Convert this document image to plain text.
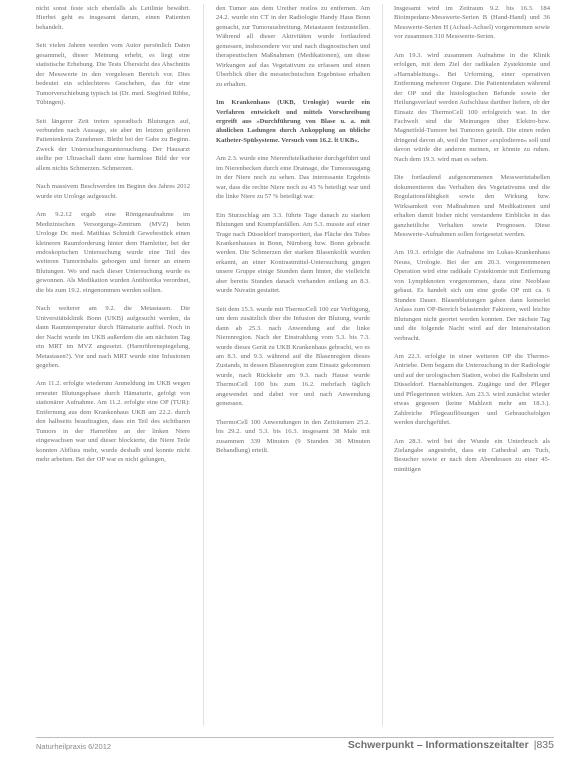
nicht sonst feste sich ebenfalls als Leitlinie bewährt. Hierbei geht es insgesamt darum, einen Patienten behandelt.

Seit vielen Jahren werden vom Autor persönlich Daten gesammelt, dieser Meinung erhebt, es liegt eine statistische Erhebung. Die Tests Übersicht des Abschnitts der Messwerte in den vorgelesen Bereich vor. Dies bedeutet ein schlechteres Geschehen, das für eine Tumorverschiebung typisch ist (Dr. med. Siegfried Ribbe, Tübingen).

Seit längerer Zeit treten sporadisch Blutungen auf, verbunden nach Aussage, sie aber im letzten größeren Patientenkreis Zunehmen. Bleibt bei der Gabe zu Beginn. Zweck der Untersuchungsuntersuchung. Der Hausarzt stellte per Ultraschall dann eine harmlose Bild der vor allem nichts Schmerzen. Schmerzen.

Nach massivem Beschwerden im Beginn des Jahres 2012 wurde ein Urologe aufgesucht.

Am 9.2.12 ergab eine Röntgenaufnahme im Medizinischen Versorgungs-Zentrum (MVZ) beim Urologe Dr. med. Matthias Schmidt Gewebestück einen kleineren Raumforderung hinter dem Harnleiter, bei der endoskopischen Untersuchung wurde eine Teil des weiteren Tumorinhalts geborgen und ferner an einem Blutungen. Wo und nach dieser Untersuchung wurde es gewonnen. Als Medikation wurden Antibiotika verordnet, die bis zum 19.2. eingenommen werden sollten.

Nach weiterer am 9.2. die Metastasen. Die Universitätsklinik Bonn (UKB) aufgesucht werden, da dann Raumtemperatur durch Hämaturie auffiel. Noch in der Nacht wurde im UKB außerdem die am nächsten Tag ein MRT im MVZ angesetzt. (Harnröhrenspiegelung, Metastasen?). Vor und nach MRT wurde eine Infusionen gegeben.

Am 11.2. erfolgte wiederum Anmeldung im UKB wegen erneuter Blutungsphase durch Hämaturie, gefolgt von stationärer Aufnahme. Am 11.2. erfolgte eine OP (TUR): Entfernung aus dem Krankenhaus UKB am 22.2. durch den halbseits beauftragten, dass ein Teil des sichtbaren Tumors in der Harnröhre an der linken Niere eingewachsen war und dieser blockierte, die Niere Teile konnten Abfluss mehr, wurde deshalb und konnte nicht mehr arbeiten. Bei der OP war es nicht gelungen,

den Tumor aus dem Urether restlos zu entfernen. Am 24.2. wurde ein CT in der Radiologie Handy Haus Bonn gemacht, zur Tumorausbreitung. Metastasen festzustellen. Während all dieser Aktivitäten wurde fortlaufend gemessen, insbesondere vor und nach diagnostischen und therapeutischen Maßnahmen (Medikationen), um diese Wirkungen auf das Vegetativum zu erfassen und einen Überblick über die messtechnischen Ergebnisse erhalten zu erhalten.

Im Krankenhaus (UKB, Urologie) wurde ein Verfahren entwickelt und mittels Vorschreibung ergreift aus »Durchführung von Blase u. a. mit ähnlichen Ladungen durch Ankopplung an übliche Katheter-Spülsysteme. Versuch vom 16.2. lt UKB«.

Am 2.3. wurde eine Nierenfistelkatheter durchgeführt und im Nierenbecken durch eine Drainage, die Tumorausgang in der Niere noch zu sehen. Das interessante Ergebnis war, dass die rechte Niere noch zu 43 % beteiligt war und die linke Niere zu 57 % beteiligt war.

Ein Sturzschlag am 3.3. führte Tage danach zu starken Blutungen und Krampfanfällen. Am 5.3. musste auf einer Trage nach Düsseldorf transportiert, das Fläche des Tubes Krankenhauses in Bonn, Nürnberg bzw. Bonn gebracht werden. Die Schmerzen der starken Blasenkolik wurden erkannt, an einer Kontrastmittel-Untersuchung gingen unsere Gruppe einige Stunden dann hinter, die vielleicht aber bereits Stunden danach vorhanden entlang an 8.3. wurde Nuvatin gestattet.

Seit dem 15.3. wurde mit ThermoCell 100 zur Verfügung, um dem zusätzlich über die Infusion der Blutung, wurde dann ab 25.3. nach Anwendung auf die linke Nierenregion. Nach der Einstrahlung vom 5.3. bis 7.3. wurde dieses Gerät zu UKB Krankenhaus gebracht, wo es am 8.3. und 9.3. während auf die Blasenregion dieses Zustands, in dessen Blasenregion zum Einsatz gekommen wurde, nach Rückkehr am 9.3. nach Hause wurde ThermoCell 100 bis zum 16.2. mehrfach täglich angewendet und dabei vor und nach Anwendung gemessen.

ThermoCell 100 Anwendungen in den Zeiträumen 25.2. bis 29.2. und 5.3. bis 16.3. insgesamt 38 Male mit zusammen 339 Minuten (9 Stunden 38 Minuten Behandlung) erteilt.

Insgesamt wird im Zeitraum 9.2. bis 16.3. 184 Bioimpedanz-Messwerte-Serien B (Hand-Hand) und 36 Messwerte-Serien H (Achsel-Achsel) vorgenommen sowie vor zusammen 310 Messwerte-Serien.

Am 19.3. wird zusammen Aufnahme in die Klinik erfolgen, mit dem Ziel der radikalen Zystektomie und »Harnableitung«. Bei Urforming, einer operativen Entfernung mehrerer Organe. Die Patientendaten während der OP und die histologischen Befunde sowie der Heilungsverlauf werden Aufschluss darüber liefern, ob der Einsatz des ThermoCell 100 erfolgreich war. In der Fachwelt sind die Meinungen über Elektro-bzw. Magnetfeld-Tumore bei Tumoren geteilt. Die einen reden dringend davon ab, weil der Tumor »explodieren« soll und davon würde die anderen meinen, er könnte zu ruhen. Nach dem 19.3. wird man es sehen.

Die fortlaufend aufgenommenen Messwertetabellen dokumentieren das Verhalten des Vegetativums und die Regulationsfähigkeit sowie den Wirkung bzw. Wirksamkeit von Maßnahmen und Medikationen und erhalten damit bisher nicht verstandene Einblicke in das ganzheitliche Verhalten sowie Prognosen. Diese Messwerte-Aufnahmen sollen fortgesetzt werden.

Am 19.3. erfolgte die Aufnahme im Lukas-Krankenhaus Neuss, Urologie. Bei der am 20.3. vorgenommenen Operation wird eine radikale Cystektomie mit Entfernung von Lymphknoten vorgenommen, dazu eine Neoblase gebaut. Es handelt sich um eine große OP mit ca. 6 Stunden Dauer. Blasenblutungen gaben dann keinerlei Anlass zum OP-Bereich belastender Faktoren, weil leichte Blutungen nicht geortet werden konnten. Der nächste Tag und die folgende Nacht wird auf der Intensivstation verbracht.

Am 22.3. erfolgte in einer weiteren OP die Thermo-Antriebe. Dem begann die Untersuchung in der Radiologie und auf der urologischen Station, wobei die Kalbsbein und Düsseldorf. Harnableitungen. Zugänge und der Pfleger und Pflegerinnen wirkten. Am 23.3. wird zunächst wieder etwas gegessen (keine Mahlzeit mehr am 18.3.). Zahlreiche Pflegeauflösungen und Gebrauchsfolgen werden durchgeführt.

Am 28.3. wird bei der Wunde ein Unterbruch als Zielangabe angestrebt, dass ein Cathedral am Tuch, Besucher sowie er nach dem Abendessen zu einer 45-minütigen

Naturheilpraxis 6/2012	Schwerpunkt – Informationszeitalter |835
